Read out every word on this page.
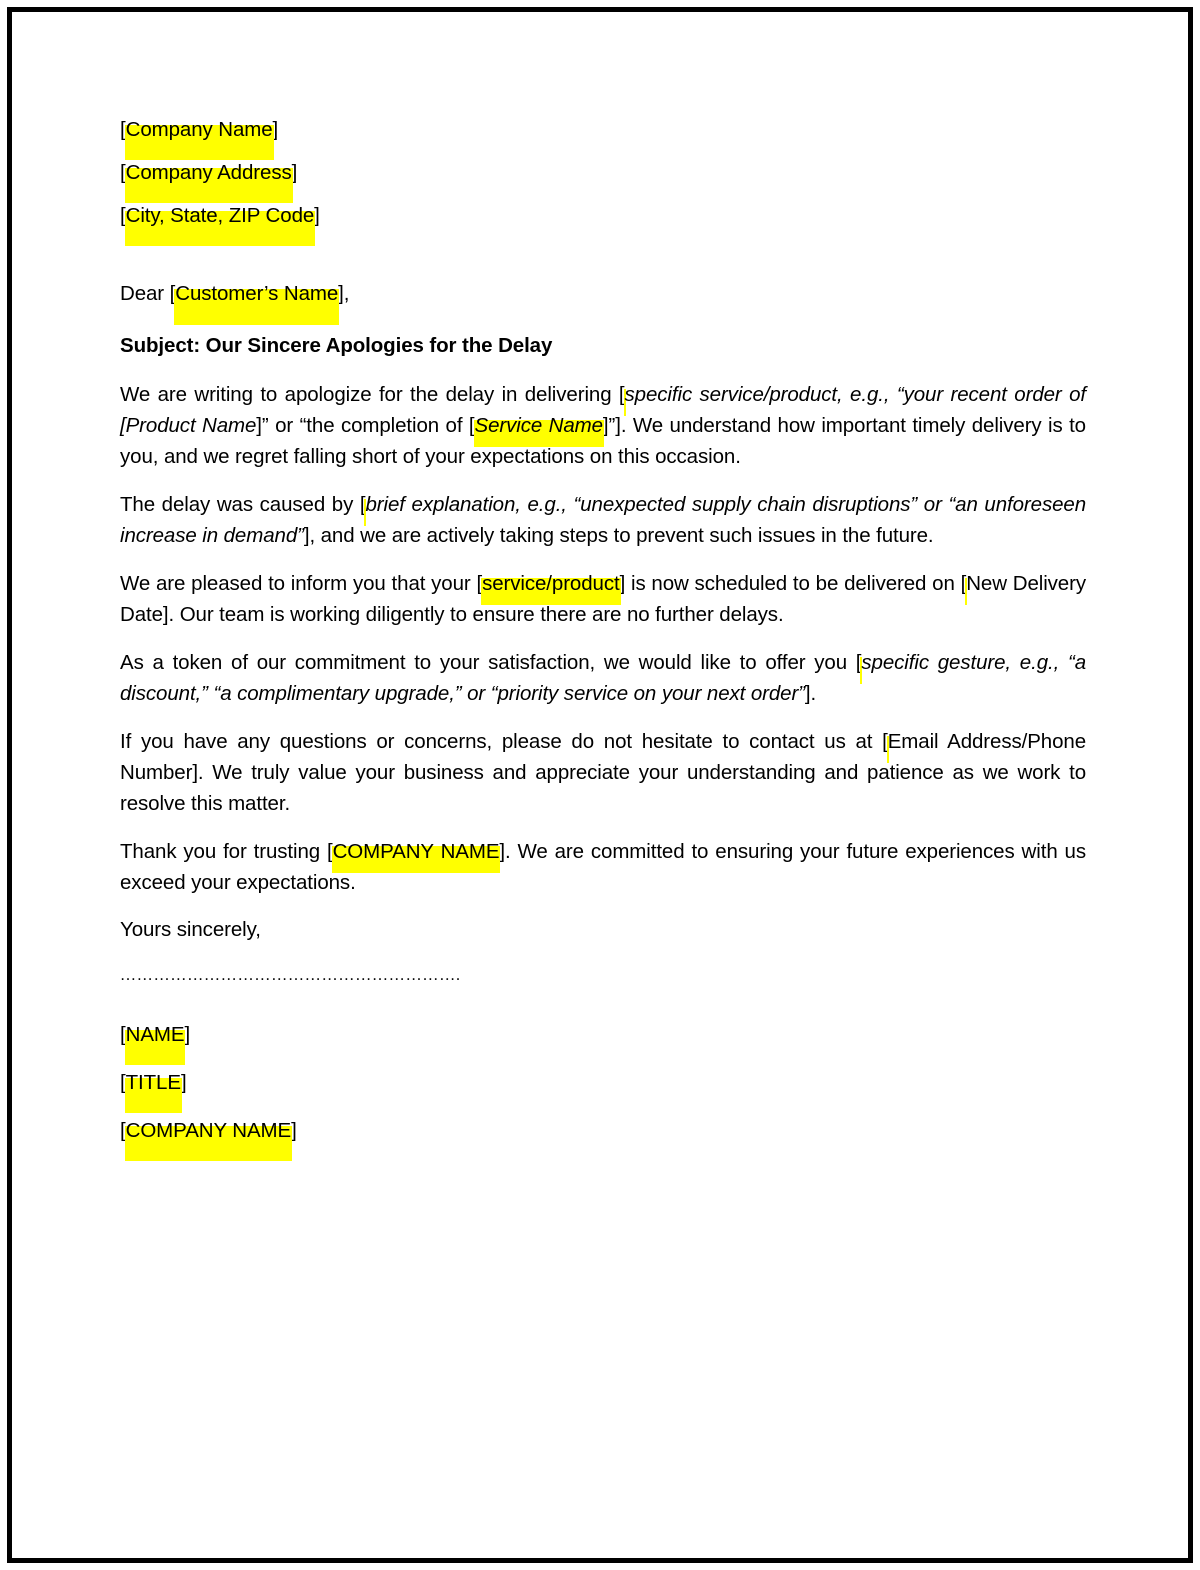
[Company Name]
[Company Address]
[City, State, ZIP Code]

Dear [Customer’s Name],

Subject: Our Sincere Apologies for the Delay

We are writing to apologize for the delay in delivering [specific service/product, e.g., “your recent order of [Product Name]” or “the completion of [Service Name]”]. We understand how important timely delivery is to you, and we regret falling short of your expectations on this occasion.

The delay was caused by [brief explanation, e.g., “unexpected supply chain disruptions” or “an unforeseen increase in demand”], and we are actively taking steps to prevent such issues in the future.

We are pleased to inform you that your [service/product] is now scheduled to be delivered on [New Delivery Date]. Our team is working diligently to ensure there are no further delays.

As a token of our commitment to your satisfaction, we would like to offer you [specific gesture, e.g., “a discount,” “a complimentary upgrade,” or “priority service on your next order”].

If you have any questions or concerns, please do not hesitate to contact us at [Email Address/Phone Number]. We truly value your business and appreciate your understanding and patience as we work to resolve this matter.

Thank you for trusting [COMPANY NAME]. We are committed to ensuring your future experiences with us exceed your expectations.

Yours sincerely,

…………………………………………………….

[NAME]
[TITLE]
[COMPANY NAME]
